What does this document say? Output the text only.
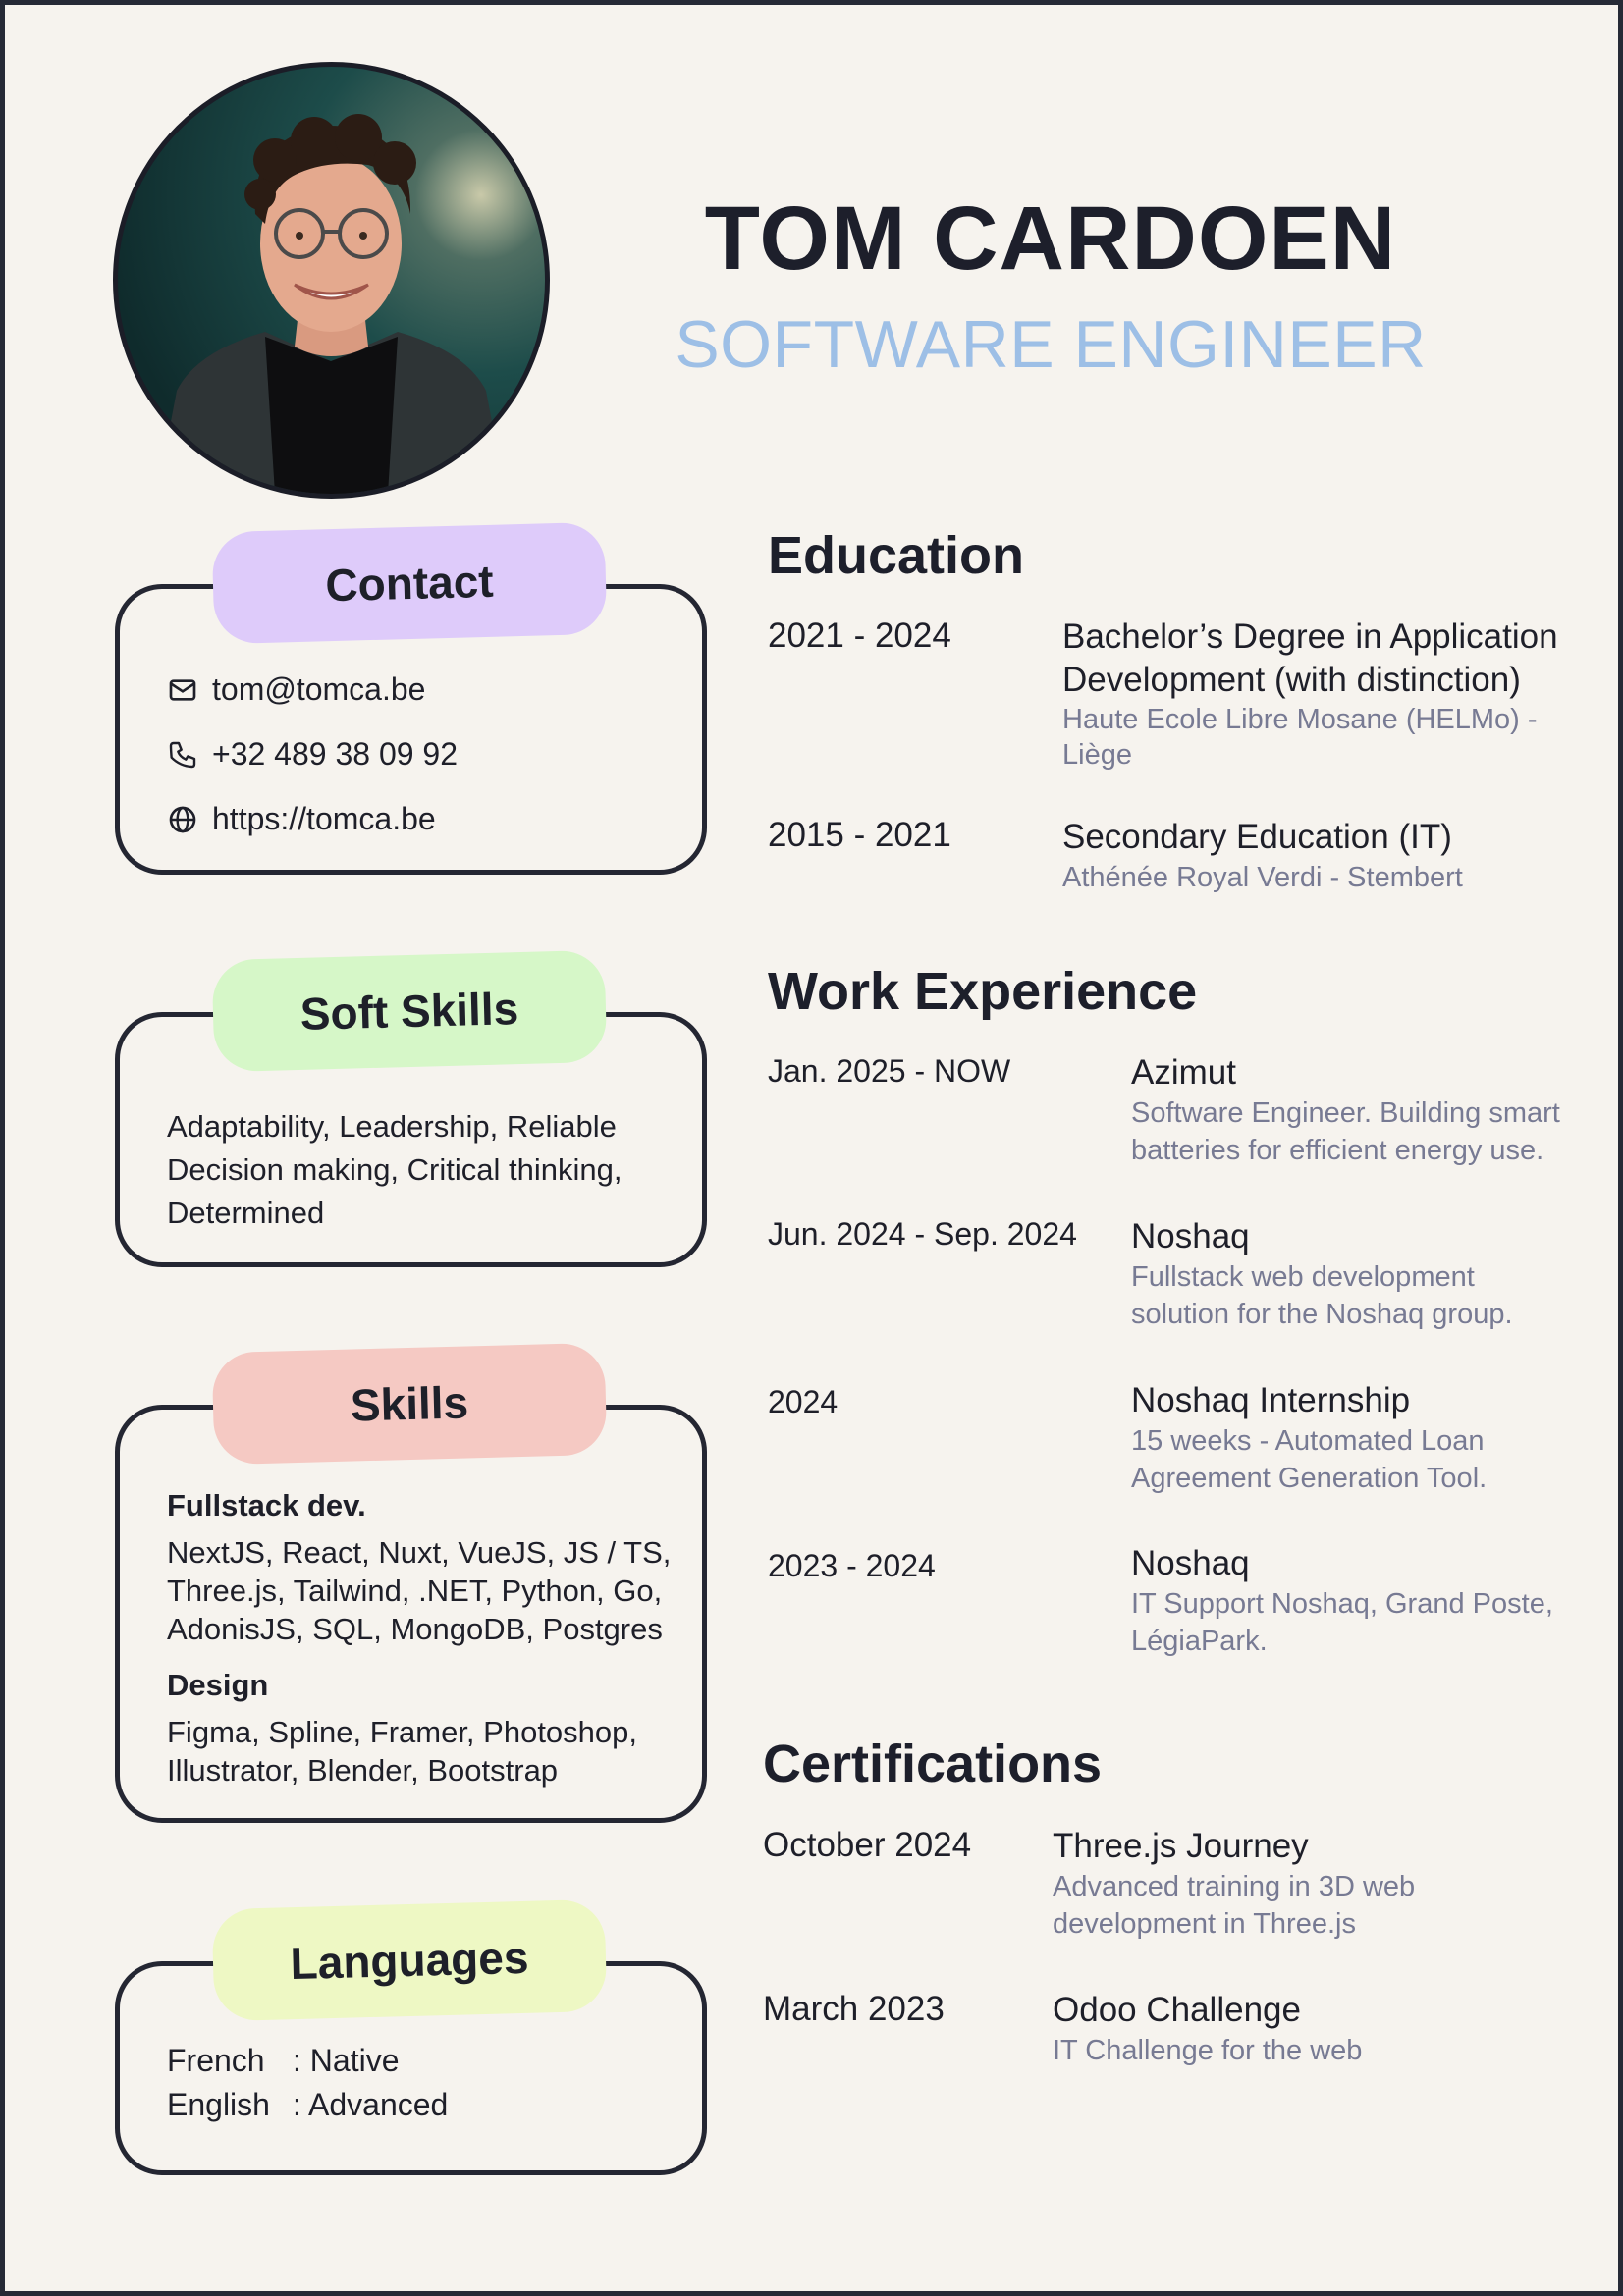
TOM CARDOEN
SOFTWARE ENGINEER
tom@tomca.be
+32 489 38 09 92
https://tomca.be
Contact
Adaptability, Leadership, Reliable Decision making, Critical thinking, Determined
Soft Skills
Fullstack dev.
NextJS, React, Nuxt, VueJS, JS / TS, Three.js, Tailwind, .NET, Python, Go, AdonisJS, SQL, MongoDB, Postgres
Design
Figma, Spline, Framer, Photoshop, Illustrator, Blender, Bootstrap
Skills
French : Native
English : Advanced
Languages
Education
2021 - 2024	Bachelor’s Degree in Application Development (with distinction)
Haute Ecole Libre Mosane (HELMo) - Liège
2015 - 2021	Secondary Education (IT)
Athénée Royal Verdi - Stembert
Work Experience
Jan. 2025 - NOW	Azimut
Software Engineer. Building smart batteries for efficient energy use.
Jun. 2024 - Sep. 2024 Noshaq
Fullstack web development solution for the Noshaq group.
2024	Noshaq Internship
15 weeks - Automated Loan Agreement Generation Tool.
2023 - 2024	Noshaq
IT Support Noshaq, Grand Poste, LégiaPark.
Certifications
October 2024 Three.js Journey
Advanced training in 3D web development in Three.js
March 2023	Odoo Challenge
IT Challenge for the web
